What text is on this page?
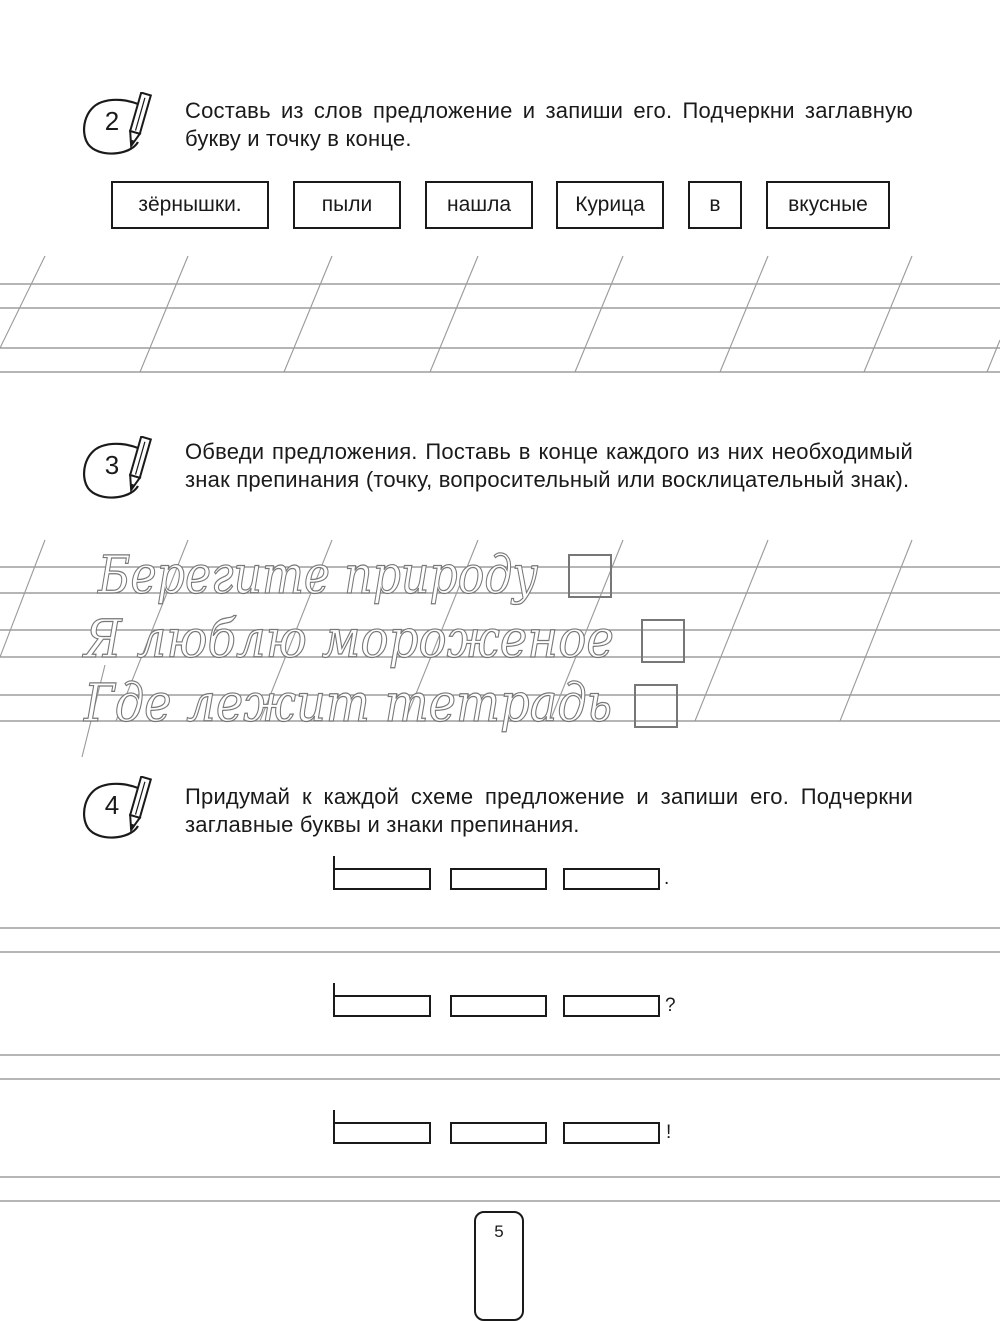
2	Составь из слов предложение и запиши его. Подчеркни заглавную букву и точку в конце.
зёрнышки.	пыли	нашла	Курица	в	вкусные
3	Обведи предложения. Поставь в конце каждого из них необходимый знак препинания (точку, вопросительный или восклицательный знак).
Берегите природу
Я люблю мороженое
Где лежит тетрадь
4	Придумай к каждой схеме предложение и запиши его. Подчеркни заглавные буквы и знаки препинания.
.
?
!
5
